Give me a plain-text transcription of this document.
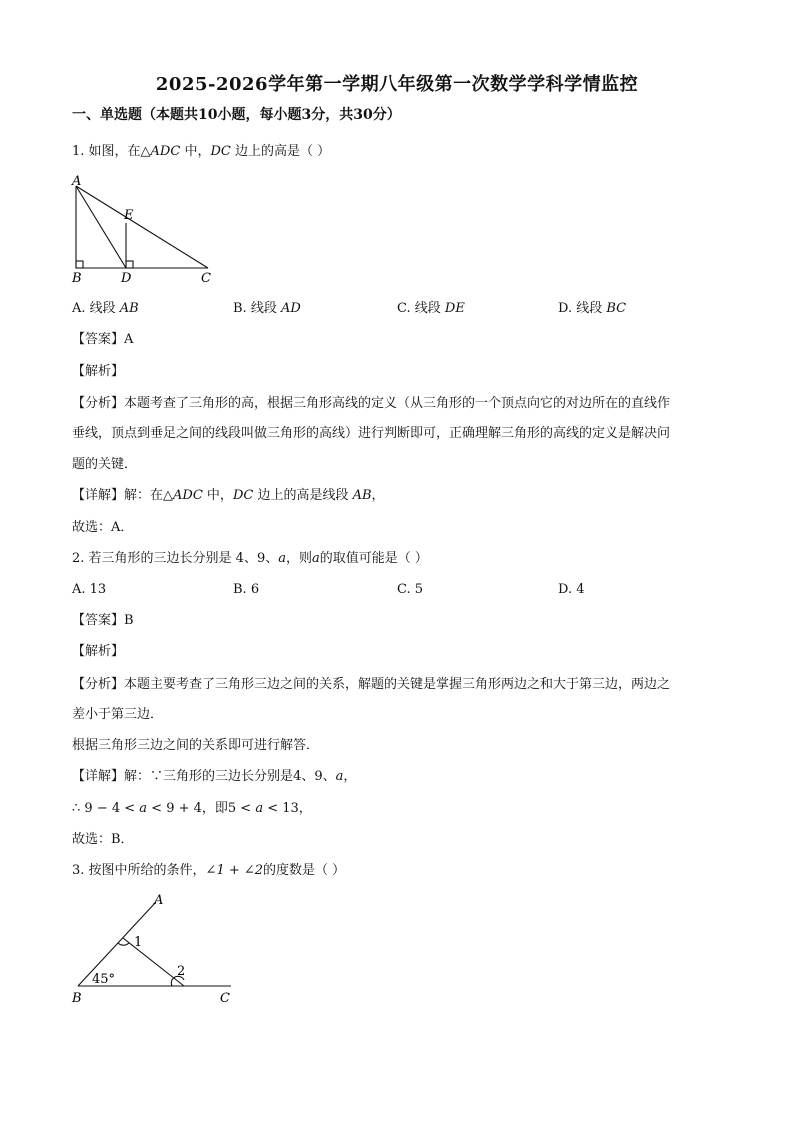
2025-2026学年第一学期八年级第一次数学学科学情监控
一、单选题（本题共10小题，每小题3分，共30分）
1. 如图，在△ADC 中，DC 边上的高是（ ）
A
B	C
D
E
A. 线段 AB	B. 线段 AD	C. 线段 DE	D. 线段 BC
【答案】A
【解析】
【分析】本题考查了三角形的高，根据三角形高线的定义（从三角形的一个顶点向它的对边所在的直线作
垂线，顶点到垂足之间的线段叫做三角形的高线）进行判断即可，正确理解三角形的高线的定义是解决问
题的关键．
【详解】解：在△ADC 中，DC 边上的高是线段 AB，
故选：A．
2. 若三角形的三边长分别是 4、9、a，则a的取值可能是（ ）
A. 13	B. 6	C. 5	D. 4
【答案】B
【解析】
【分析】本题主要考查了三角形三边之间的关系，解题的关键是掌握三角形两边之和大于第三边，两边之
差小于第三边．
根据三角形三边之间的关系即可进行解答．
【详解】解：∵三角形的三边长分别是4、9、a，
∴ 9 − 4 < a < 9 + 4，即5 < a < 13，
故选：B．
3. 按图中所给的条件，∠1 + ∠2的度数是（ ）
A
B	C
1
2
45°
